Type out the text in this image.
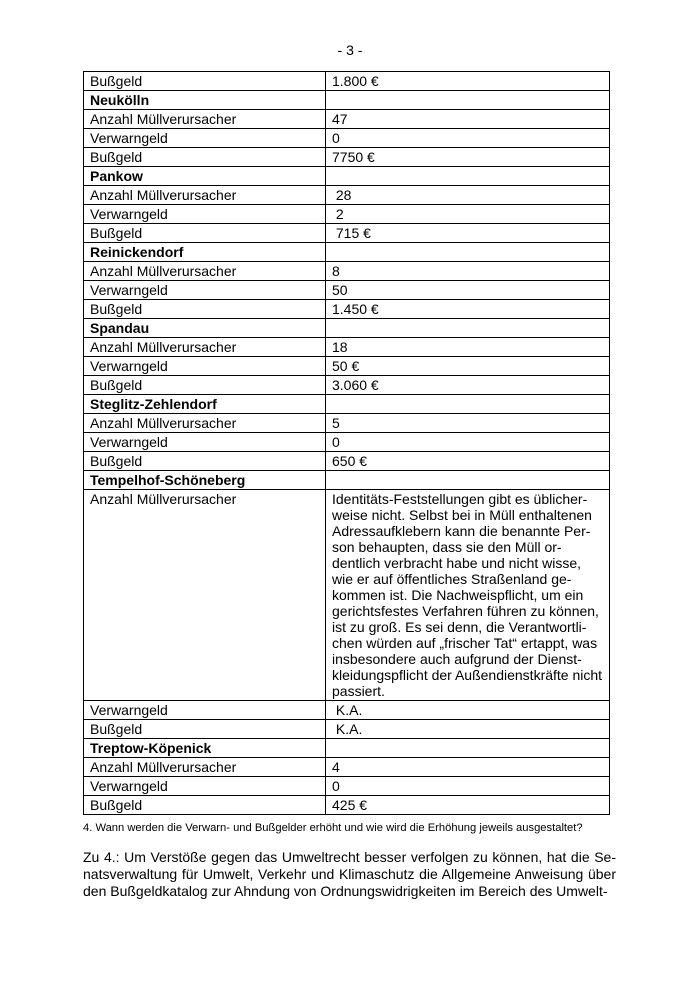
- 3 -
Bußgeld	1.800 €
Neukölln	
Anzahl Müllverursacher	47
Verwarngeld	0
Bußgeld	7750 €
Pankow	
Anzahl Müllverursacher	28
Verwarngeld	2
Bußgeld	715 €
Reinickendorf	
Anzahl Müllverursacher	8
Verwarngeld	50
Bußgeld	1.450 €
Spandau	
Anzahl Müllverursacher	18
Verwarngeld	50 €
Bußgeld	3.060 €
Steglitz-Zehlendorf	
Anzahl Müllverursacher	5
Verwarngeld	0
Bußgeld	650 €
Tempelhof-Schöneberg	
Anzahl Müllverursacher	Identitäts-Feststellungen gibt es üblicher-weise nicht. Selbst bei in Müll enthaltenen Adressaufklebern kann die benannte Per-son behaupten, dass sie den Müll or-dentlich verbracht habe und nicht wisse, wie er auf öffentliches Straßenland ge-kommen ist. Die Nachweispflicht, um ein gerichtsfestes Verfahren führen zu können, ist zu groß. Es sei denn, die Verantwortli-chen würden auf „frischer Tat“ ertappt, was insbesondere auch aufgrund der Dienst-kleidungspflicht der Außendienstkräfte nicht passiert.
Verwarngeld	K.A.
Bußgeld	K.A.
Treptow-Köpenick	
Anzahl Müllverursacher	4
Verwarngeld	0
Bußgeld	425 €
4. Wann werden die Verwarn- und Bußgelder erhöht und wie wird die Erhöhung jeweils ausgestaltet?
Zu 4.: Um Verstöße gegen das Umweltrecht besser verfolgen zu können, hat die Se-natsverwaltung für Umwelt, Verkehr und Klimaschutz die Allgemeine Anweisung über den Bußgeldkatalog zur Ahndung von Ordnungswidrigkeiten im Bereich des Umwelt-
